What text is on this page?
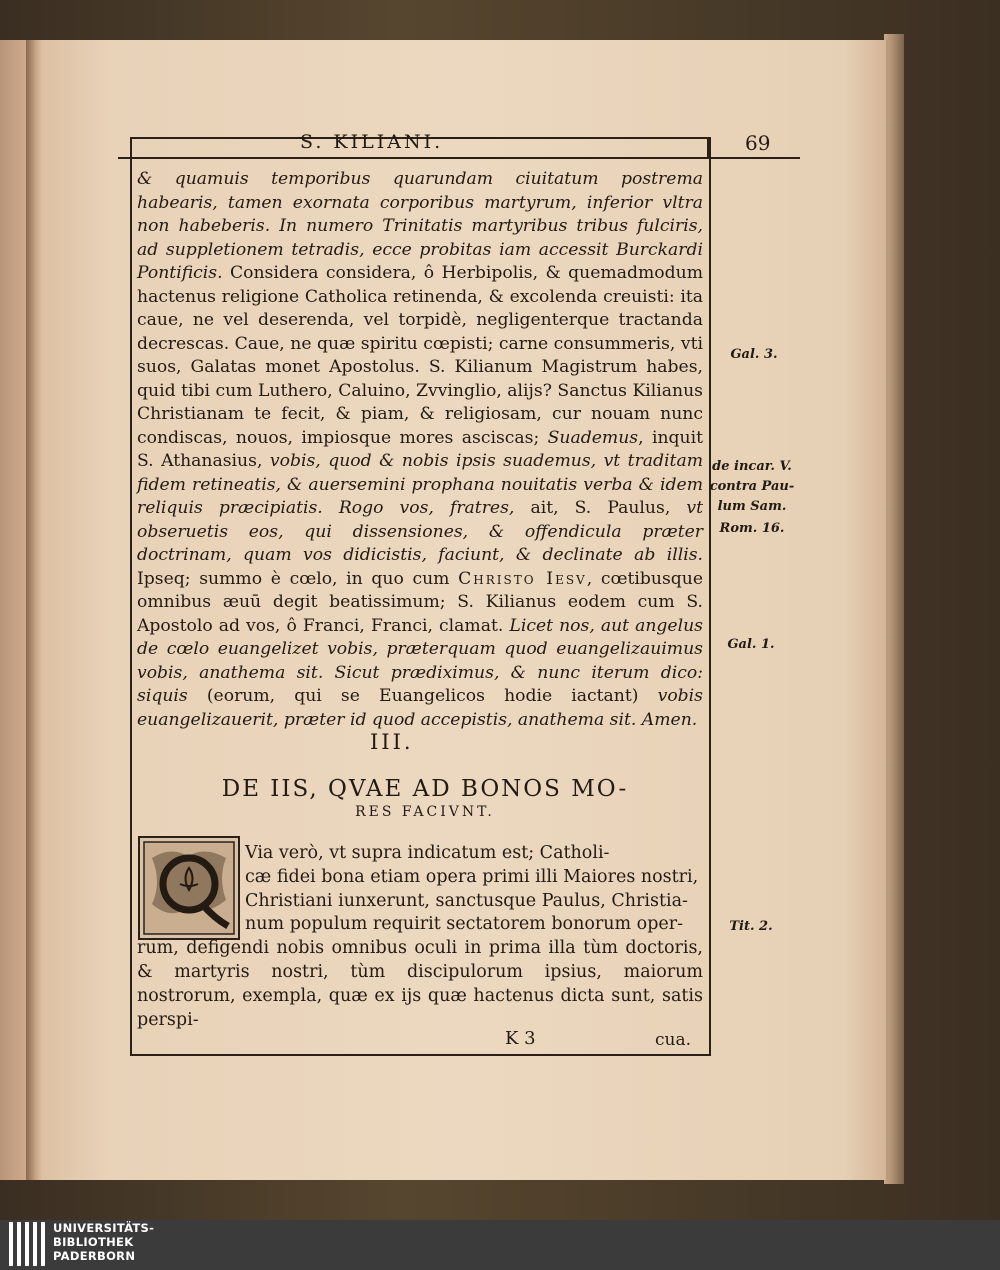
S. KILIANI.	69

& quamuis temporibus quarundam ciuitatum postrema habearis, tamen exornata corporibus martyrum, inferior vltra non habeberis. In numero Trinitatis martyribus tribus fulciris, ad suppletionem tetradis, ecce probitas iam accessit Burckardi Pontificis. Considera considera, ô Herbipolis, & quemadmodum hactenus religione Catholica retinenda, & excolenda creuisti: ita caue, ne vel deserenda, vel torpidè, negligenterque tractanda decrescas. Caue, ne quæ spiritu cœpisti; carne consummeris, vti suos, Galatas monet Apostolus. S. Kilianum Magistrum habes, quid tibi cum Luthero, Caluino, Zvvinglio, alijs? Sanctus Kilianus Christianam te fecit, & piam, & religiosam, cur nouam nunc condiscas, nouos, impiosque mores asciscas; Suademus, inquit S. Athanasius, vobis, quod & nobis ipsis suademus, vt traditam fidem retineatis, & auersemini prophana nouitatis verba & idem reliquis præcipiatis. Rogo vos, fratres, ait, S. Paulus, vt obseruetis eos, qui dissensiones, & offendicula præter doctrinam, quam vos didicistis, faciunt, & declinate ab illis. Ipseq; summo è cœlo, in quo cum Christo Iesv, cœtibusque omnibus æuū degit beatissimum; S. Kilianus eodem cum S. Apostolo ad vos, ô Franci, Franci, clamat. Licet nos, aut angelus de cœlo euangelizet vobis, præterquam quod euangelizauimus vobis, anathema sit. Sicut prædiximus, & nunc iterum dico: siquis (eorum, qui se Euangelicos hodie iactant) vobis euangelizauerit, præter id quod accepistis, anathema sit. Amen.

III.
DE IIS, QVAE AD BONOS MO-
RES FACIVNT.
Via verò, vt supra indicatum est; Catholi-
cæ fidei bona etiam opera primi illi Maiores nostri,
Christiani iunxerunt, sanctusque Paulus, Christia-
num populum requirit sectatorem bonorum oper-
rum, defigendi nobis omnibus oculi in prima illa tùm doctoris, & martyris nostri, tùm discipulorum ipsius, maiorum nostrorum, exempla, quæ ex ijs quæ hactenus dicta sunt, satis perspi-
K 3	cua.
Gal. 3.
de incar. V.
contra Pau-
lum Sam.
Rom. 16.
Gal. 1.
Tit. 2.
UNIVERSITÄTS-
BIBLIOTHEK
PADERBORN
